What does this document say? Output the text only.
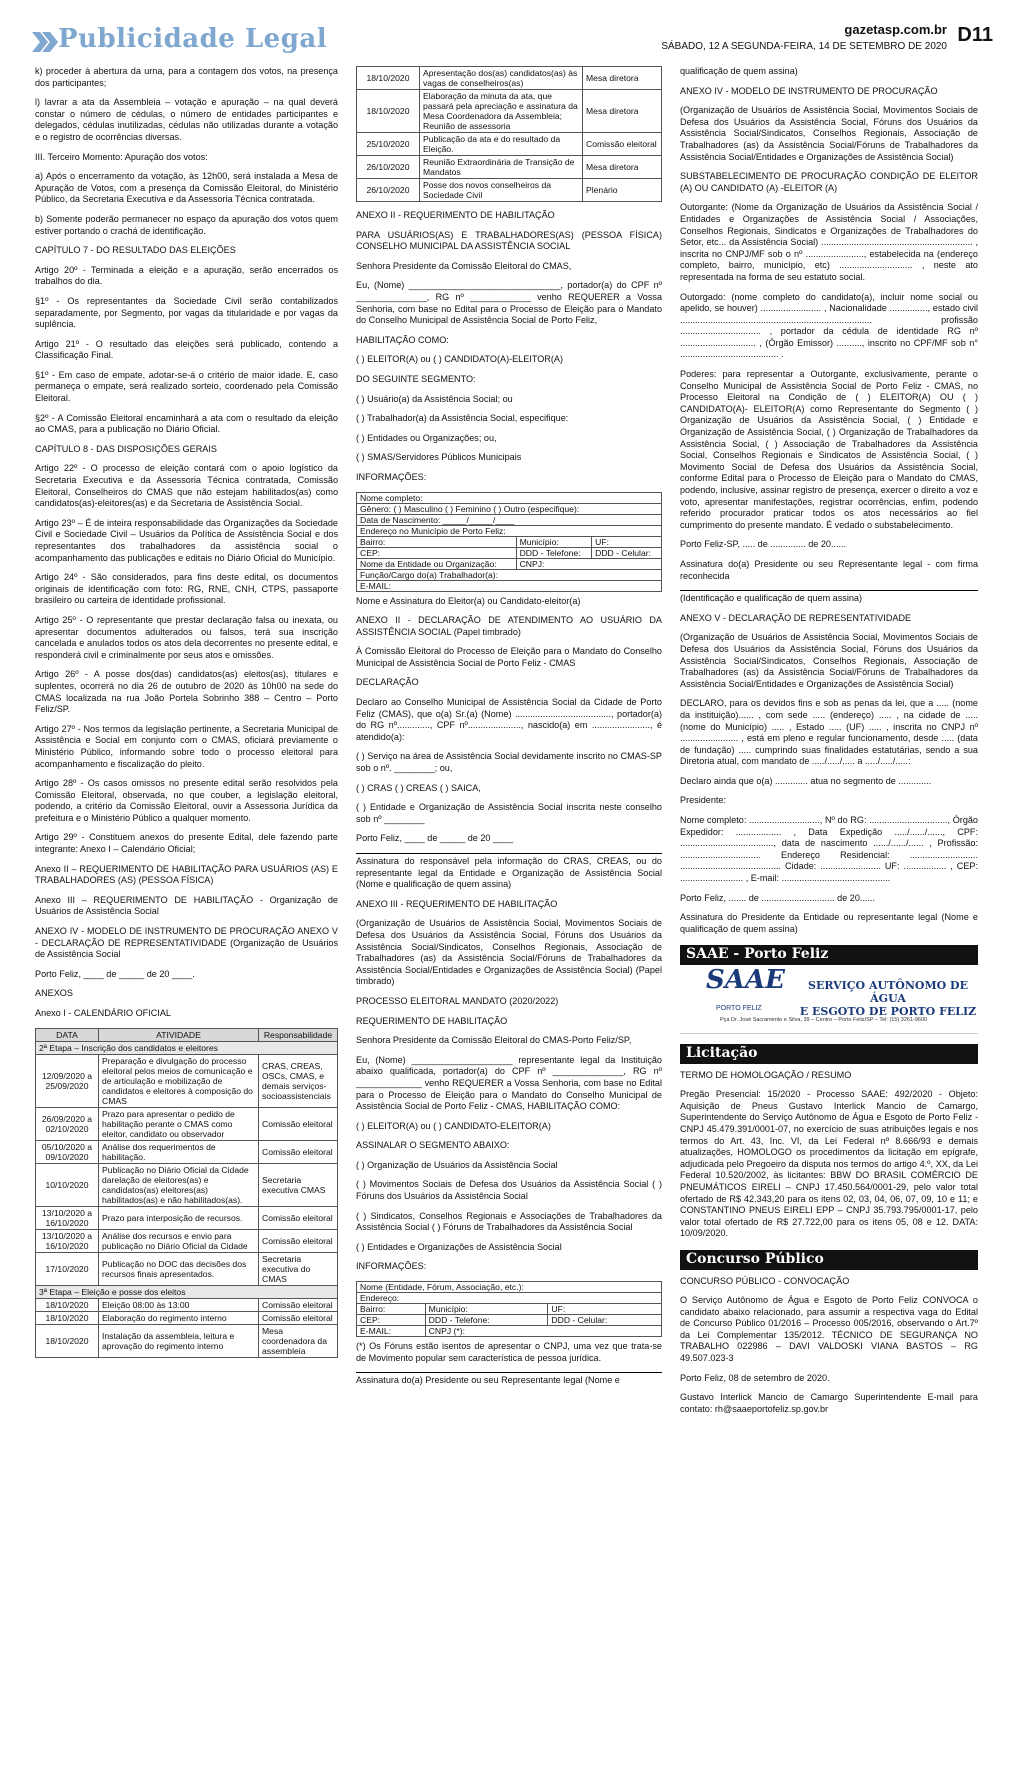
Publicidade Legal	gazetasp.com.br
SÁBADO, 12 A SEGUNDA-FEIRA, 14 DE SETEMBRO DE 2020
D11

k) proceder à abertura da urna, para a contagem dos votos, na presença dos participantes;

l) lavrar a ata da Assembleia – votação e apuração – na qual deverá constar o número de cédulas, o número de entidades participantes e delegados, cédulas inutilizadas, cédulas não utilizadas durante a votação e o registro de ocorrências diversas.

III. Terceiro Momento: Apuração dos votos:

a) Após o encerramento da votação, às 12h00, será instalada a Mesa de Apuração de Votos, com a presença da Comissão Eleitoral, do Ministério Público, da Secretaria Executiva e da Assessoria Técnica contratada.

b) Somente poderão permanecer no espaço da apuração dos votos quem estiver portando o crachá de identificação.

CAPÍTULO 7 - DO RESULTADO DAS ELEIÇÕES

Artigo 20º - Terminada a eleição e a apuração, serão encerrados os trabalhos do dia.

§1º - Os representantes da Sociedade Civil serão contabilizados separadamente, por Segmento, por vagas da titularidade e por vagas da suplência.

Artigo 21º - O resultado das eleições será publicado, contendo a Classificação Final.

§1º - Em caso de empate, adotar-se-á o critério de maior idade. E, caso permaneça o empate, será realizado sorteio, coordenado pela Comissão Eleitoral.

§2º - A Comissão Eleitoral encaminhará a ata com o resultado da eleição ao CMAS, para a publicação no Diário Oficial.

CAPÍTULO 8 - DAS DISPOSIÇÕES GERAIS

Artigo 22º - O processo de eleição contará com o apoio logístico da Secretaria Executiva e da Assessoria Técnica contratada, Comissão Eleitoral, Conselheiros do CMAS que não estejam habilitados(as) como candidatos(as)-eleitores(as) e da Secretaria de Assistência Social.

Artigo 23º – É de inteira responsabilidade das Organizações da Sociedade Civil e Sociedade Civil – Usuários da Política de Assistência Social e dos representantes dos trabalhadores da assistência social o acompanhamento das publicações e editais no Diário Oficial do Município.

Artigo 24º - São considerados, para fins deste edital, os documentos originais de identificação com foto: RG, RNE, CNH, CTPS, passaporte brasileiro ou carteira de identidade profissional.

Artigo 25º - O representante que prestar declaração falsa ou inexata, ou apresentar documentos adulterados ou falsos, terá sua inscrição cancelada e anulados todos os atos dela decorrentes no presente edital, e responderá civil e criminalmente por seus atos e omissões.

Artigo 26º - A posse dos(das) candidatos(as) eleitos(as), titulares e suplentes, ocorrerá no dia 26 de outubro de 2020 às 10h00 na sede do CMAS localizada na rua João Portela Sobrinho 388 – Centro – Porto Feliz/SP.

Artigo 27º - Nos termos da legislação pertinente, a Secretaria Municipal de Assistência e Social em conjunto com o CMAS, oficiará previamente o Ministério Público, informando sobre todo o processo eleitoral para acompanhamento e fiscalização do pleito.

Artigo 28º - Os casos omissos no presente edital serão resolvidos pela Comissão Eleitoral, observada, no que couber, a legislação eleitoral, podendo, a critério da Comissão Eleitoral, ouvir a Assessoria Jurídica da prefeitura e o Ministério Público a qualquer momento.

Artigo 29º - Constituem anexos do presente Edital, dele fazendo parte integrante: Anexo I – Calendário Oficial;

Anexo II – REQUERIMENTO DE HABILITAÇÃO PARA USUÁRIOS (AS) E TRABALHADORES (AS) (PESSOA FÍSICA)

Anexo III – REQUERIMENTO DE HABILITAÇÃO - Organização de Usuários de Assistência Social

ANEXO IV - MODELO DE INSTRUMENTO DE PROCURAÇÃO ANEXO V - DECLARAÇÃO DE REPRESENTATIVIDADE (Organização de Usuários de Assistência Social

Porto Feliz, ____ de _____ de 20 ____.

ANEXOS

Anexo I - CALENDÁRIO OFICIAL

DATA	ATIVIDADE	Responsabilidade
2ª Etapa – Inscrição dos candidatos e eleitores		
12/09/2020 a 25/09/2020	Preparação e divulgação do processo eleitoral pelos meios de comunicação e de articulação e mobilização de candidatos e eleitores à composição do CMAS	CRAS, CREAS, OSCs, CMAS, e demais serviços-socioassistenciais
26/09/2020 a 02/10/2020	Prazo para apresentar o pedido de habilitação perante o CMAS como eleitor, candidato ou observador	Comissão eleitoral
05/10/2020 a 09/10/2020	Análise dos requerimentos de habilitação.	Comissão eleitoral
10/10/2020	Publicação no Diário Oficial da Cidade darelação de eleitores(as) e candidatos(as) eleitores(as) habilitados(as) e não habilitados(as).	Secretaria executiva CMAS
13/10/2020 a 16/10/2020	Prazo para interposição de recursos.	Comissão eleitoral
13/10/2020 a 16/10/2020	Análise dos recursos e envio para publicação no Diário Oficial da Cidade	Comissão eleitoral
17/10/2020	Publicação no DOC das decisões dos recursos finais apresentados.	Secretaria executiva do CMAS
3ª Etapa – Eleição e posse dos eleitos		
18/10/2020	Eleição 08:00 às 13:00	Comissão eleitoral
18/10/2020	Elaboração do regimento interno	Comissão eleitoral
18/10/2020	Instalação da assembleia, leitura e aprovação do regimento interno	Mesa coordenadora da assembleia
18/10/2020	Apresentação dos(as) candidatos(as) às vagas de conselheiros(as)	Mesa diretora
18/10/2020	Elaboração da minuta da ata, que passará pela apreciação e assinatura da Mesa Coordenadora da Assembleia; Reunião de assessoria	Mesa diretora
25/10/2020	Publicação da ata e do resultado da Eleição.	Comissão eleitoral
26/10/2020	Reunião Extraordinária de Transição de Mandatos	Mesa diretora
26/10/2020	Posse dos novos conselheiros da Sociedade Civil	Plenário

ANEXO II - REQUERIMENTO DE HABILITAÇÃO

PARA USUÁRIOS(AS) E TRABALHADORES(AS) (PESSOA FÍSICA) CONSELHO MUNICIPAL DA ASSISTÊNCIA SOCIAL

Senhora Presidente da Comissão Eleitoral do CMAS,

Eu, (Nome) ______________________________, portador(a) do CPF nº ______________, RG nº ____________ venho REQUERER a Vossa Senhoria, com base no Edital para o Processo de Eleição para o Mandato do Conselho Municipal de Assistência Social de Porto Feliz,

HABILITAÇÃO COMO:

( ) ELEITOR(A) ou ( ) CANDIDATO(A)-ELEITOR(A)

DO SEGUINTE SEGMENTO:

( ) Usuário(a) da Assistência Social; ou

( ) Trabalhador(a) da Assistência Social, especifique:

( ) Entidades ou Organizações; ou,

( ) SMAS/Servidores Públicos Municipais

INFORMAÇÕES:

Nome completo:		
Gênero: ( ) Masculino ( ) Feminino ( ) Outro (especifique):		
Data de Nascimento: _____/_____/____		
Endereço no Município de Porto Feliz:		
Bairro:	Município:	UF:
CEP:	DDD - Telefone:	DDD - Celular:
Nome da Entidade ou Organização:	CNPJ:	
Função/Cargo do(a) Trabalhador(a):		
E-MAIL:		

Nome e Assinatura do Eleitor(a) ou Candidato-eleitor(a)

ANEXO II - DECLARAÇÃO DE ATENDIMENTO AO USUÁRIO DA ASSISTÊNCIA SOCIAL (Papel timbrado)

À Comissão Eleitoral do Processo de Eleição para o Mandato do Conselho Municipal de Assistência Social de Porto Feliz - CMAS

DECLARAÇÃO

Declaro ao Conselho Municipal de Assistência Social da Cidade de Porto Feliz (CMAS), que o(a) Sr.(a) (Nome) ......................................, portador(a) do RG nº............., CPF nº....................., nascido(a) em ......................., é atendido(a):

( ) Serviço na área de Assistência Social devidamente inscrito no CMAS-SP sob o nº. ________; ou,

( ) CRAS ( ) CREAS ( ) SAICA,

( ) Entidade e Organização de Assistência Social inscrita neste conselho sob nº ________

Porto Feliz, ____ de _____ de 20 ____

Assinatura do responsável pela informação do CRAS, CREAS, ou do representante legal da Entidade e Organização de Assistência Social (Nome e qualificação de quem assina)

ANEXO III - REQUERIMENTO DE HABILITAÇÃO

(Organização de Usuários de Assistência Social, Movimentos Sociais de Defesa dos Usuários da Assistência Social, Fóruns dos Usuários da Assistência Social/Sindicatos, Conselhos Regionais, Associação de Trabalhadores (as) da Assistência Social/Fóruns de Trabalhadores da Assistência Social/Entidades e Organizações de Assistência Social) (Papel timbrado)

PROCESSO ELEITORAL MANDATO (2020/2022)

REQUERIMENTO DE HABILITAÇÃO

Senhora Presidente da Comissão Eleitoral do CMAS-Porto Feliz/SP,

Eu, (Nome) ____________________ representante legal da Instituição abaixo qualificada, portador(a) do CPF nº ______________, RG nº _____________ venho REQUERER a Vossa Senhoria, com base no Edital para o Processo de Eleição para o Mandato do Conselho Municipal de Assistência Social de Porto Feliz - CMAS, HABILITAÇÃO COMO:

( ) ELEITOR(A) ou ( ) CANDIDATO-ELEITOR(A)

ASSINALAR O SEGMENTO ABAIXO:

( ) Organização de Usuários da Assistência Social

( ) Movimentos Sociais de Defesa dos Usuários da Assistência Social ( ) Fóruns dos Usuários da Assistência Social

( ) Sindicatos, Conselhos Regionais e Associações de Trabalhadores da Assistência Social ( ) Fóruns de Trabalhadores da Assistência Social

( ) Entidades e Organizações de Assistência Social

INFORMAÇÕES:

Nome (Entidade, Fórum, Associação, etc.):		
Endereço:		
Bairro:	Município:	UF:
CEP:	DDD - Telefone:	DDD - Celular:
E-MAIL:	CNPJ (*):	

(*) Os Fóruns estão isentos de apresentar o CNPJ, uma vez que trata-se de Movimento popular sem característica de pessoa jurídica.

Assinatura do(a) Presidente ou seu Representante legal (Nome e

qualificação de quem assina)

ANEXO IV - MODELO DE INSTRUMENTO DE PROCURAÇÃO

(Organização de Usuários de Assistência Social, Movimentos Sociais de Defesa dos Usuários da Assistência Social, Fóruns dos Usuários da Assistência Social/Sindicatos, Conselhos Regionais, Associação de Trabalhadores (as) da Assistência Social/Fóruns de Trabalhadores da Assistência Social/Entidades e Organizações de Assistência Social)

SUBSTABELECIMENTO DE PROCURAÇÃO CONDIÇÃO DE ELEITOR (A) OU CANDIDATO (A) -ELEITOR (A)

Outorgante: (Nome da Organização de Usuários da Assistência Social / Entidades e Organizações de Assistência Social / Associações, Conselhos Regionais, Sindicatos e Organizações de Trabalhadores do Setor, etc... da Assistência Social) ............................................................ , inscrita no CNPJ/MF sob o nº ......................., estabelecida na (endereço completo, bairro, município, etc) ............................. , neste ato representada na forma de seu estatuto social.

Outorgado: (nome completo do candidato(a), incluir nome social ou apelido, se houver) ........................ , Nacionalidade ..............., estado civil ............................................................................ profissão ................................ , portador da cédula de identidade RG nº .............................. , (Órgão Emissor) .........., inscrito no CPF/MF sob n° ....................................... .

Poderes: para representar a Outorgante, exclusivamente, perante o Conselho Municipal de Assistência Social de Porto Feliz - CMAS, no Processo Eleitoral na Condição de ( ) ELEITOR(A) OU ( ) CANDIDATO(A)- ELEITOR(A) como Representante do Segmento ( ) Organização de Usuários da Assistência Social, ( ) Entidade e Organização de Assistência Social, ( ) Organização de Trabalhadores da Assistência Social, ( ) Associação de Trabalhadores da Assistência Social, Conselhos Regionais e Sindicatos de Assistência Social, ( ) Movimento Social de Defesa dos Usuários da Assistência Social, conforme Edital para o Processo de Eleição para o Mandato do CMAS, podendo, inclusive, assinar registro de presença, exercer o direito a voz e voto, apresentar manifestações, registrar ocorrências, enfim, podendo referido procurador praticar todos os atos necessários ao fiel cumprimento do presente mandato. É vedado o substabelecimento.

Porto Feliz-SP, ..... de .............. de 20......

Assinatura do(a) Presidente ou seu Representante legal - com firma reconhecida

(Identificação e qualificação de quem assina)

ANEXO V - DECLARAÇÃO DE REPRESENTATIVIDADE

(Organização de Usuários de Assistência Social, Movimentos Sociais de Defesa dos Usuários da Assistência Social, Fóruns dos Usuários da Assistência Social/Sindicatos, Conselhos Regionais, Associação de Trabalhadores (as) da Assistência Social/Fóruns de Trabalhadores da Assistência Social/Entidades e Organizações de Assistência Social)

DECLARO, para os devidos fins e sob as penas da lei, que a ..... (nome da instituição)...... , com sede ..... (endereço) ..... , na cidade de ..... (nome do Município) ..... , Estado ..... (UF) ..... , inscrita no CNPJ nº ....................... , está em pleno e regular funcionamento, desde ..... (data de fundação) ..... cumprindo suas finalidades estatutárias, sendo a sua Diretoria atual, com mandato de ...../...../..... a ...../...../.....:

Declaro ainda que o(a) ............. atua no segmento de .............

Presidente:

Nome completo: ............................, Nº do RG: ..............................., Órgão Expedidor: .................. , Data Expedição ...../....../......, CPF: ....................................., data de nascimento ....../....../...... , Profissão: ................................ Endereço Residencial: ........................... ........................................ Cidade: ........................ UF: ................. , CEP: ......................... , E-mail: ...........................................

Porto Feliz, ....... de ............................. de 20......

Assinatura do Presidente da Entidade ou representante legal (Nome e qualificação de quem assina)

SAAE - Porto Feliz
SAAE
PORTO FELIZ
SERVIÇO AUTÔNOMO DE ÁGUA
E ESGOTO DE PORTO FELIZ
Pça Dr. José Sacramento e Silva, 39 – Centro – Porto Feliz/SP – Tel: (15) 3261-9600
Licitação

TERMO DE HOMOLOGAÇÃO / RESUMO

Pregão Presencial: 15/2020 - Processo SAAE: 492/2020 - Objeto: Aquisição de Pneus Gustavo Interlick Mancio de Camargo, Superintendente do Serviço Autônomo de Água e Esgoto de Porto Feliz - CNPJ 45.479.391/0001-07, no exercício de suas atribuições legais e nos termos do Art. 43, Inc. VI, da Lei Federal nº 8.666/93 e demais atualizações, HOMOLOGO os procedimentos da licitação em epígrafe, adjudicada pelo Pregoeiro da disputa nos termos do artigo 4.º, XX, da Lei Federal 10.520/2002, às licitantes: BBW DO BRASIL COMÉRCIO DE PNEUMÁTICOS EIRELI – CNPJ 17.450.564/0001-29, pelo valor total ofertado de R$ 42.343,20 para os itens 02, 03, 04, 06, 07, 09, 10 e 11; e CONSTANTINO PNEUS EIRELI EPP – CNPJ 35.793.795/0001-17, pelo valor total ofertado de R$ 27.722,00 para os itens 05, 08 e 12. DATA: 10/09/2020.

Concurso Público

CONCURSO PÚBLICO - CONVOCAÇÃO

O Serviço Autônomo de Água e Esgoto de Porto Feliz CONVOCA o candidato abaixo relacionado, para assumir a respectiva vaga do Edital de Concurso Público 01/2016 – Processo 005/2016, observando o Art.7º da Lei Complementar 135/2012. TÉCNICO DE SEGURANÇA NO TRABALHO 022986 – DAVI VALDOSKI VIANA BASTOS – RG 49.507.023-3

Porto Feliz, 08 de setembro de 2020.

Gustavo Interlick Mancio de Camargo Superintendente E-mail para contato: rh@saaeportofeliz.sp.gov.br
